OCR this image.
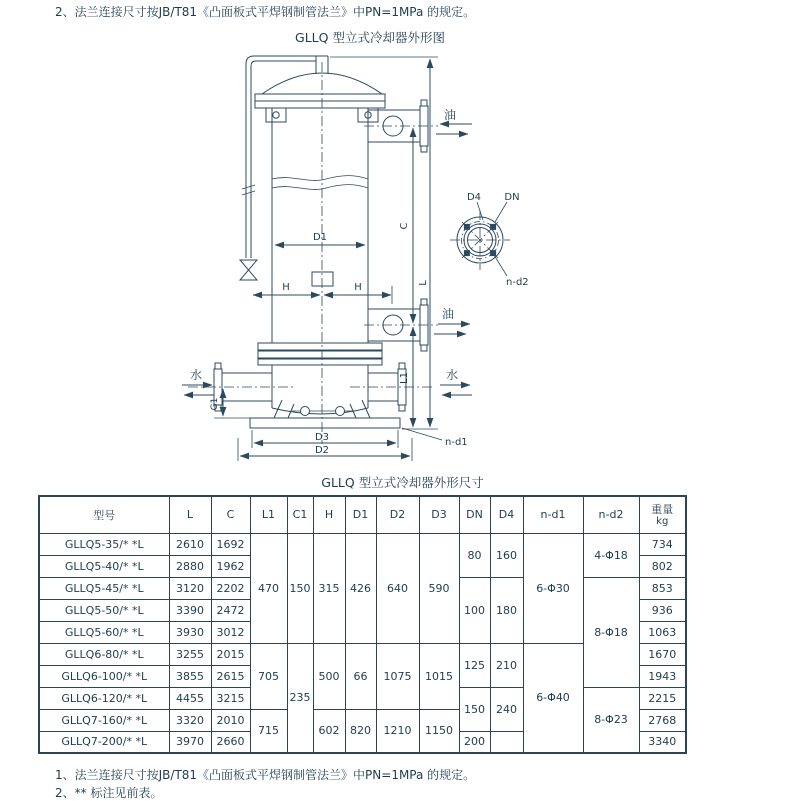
2、法兰连接尺寸按JB/T81《凸面板式平焊钢制管法兰》中PN=1MPa 的规定。
GLLQ 型立式冷却器外形图
油
油
水	水
D1
H	H
C
L
L1
G1
D3
D2
n-d1
D4 DN
n-d2
GLLQ 型立式冷却器外形尺寸
型号	L	C	L1	C1	H	D1	D2	D3	DN	D4	n-d1	n-d2	重量
kg

GLLQ5-35/* *L	2610	1692	470	150	315	426	640	590	80	160	6-Φ30	4-Φ18	734
GLLQ5-40/* *L	2880	1962											802
GLLQ5-45/* *L	3120	2202							100	180		8-Φ18	853
GLLQ5-50/* *L	3390	2472											936
GLLQ5-60/* *L	3930	3012											1063
GLLQ6-80/* *L	3255	2015	705	235	500	66	1075	1015	125	210	6-Φ40		1670
GLLQ6-100/* *L	3855	2615											1943
GLLQ6-120/* *L	4455	3215							150	240		8-Φ23	2215
GLLQ7-160/* *L	3320	2010	715		602	820	1210	1150					2768
GLLQ7-200/* *L	3970	2660							200				3340
1、法兰连接尺寸按JB/T81《凸面板式平焊钢制管法兰》中PN=1MPa 的规定。
2、** 标注见前表。
